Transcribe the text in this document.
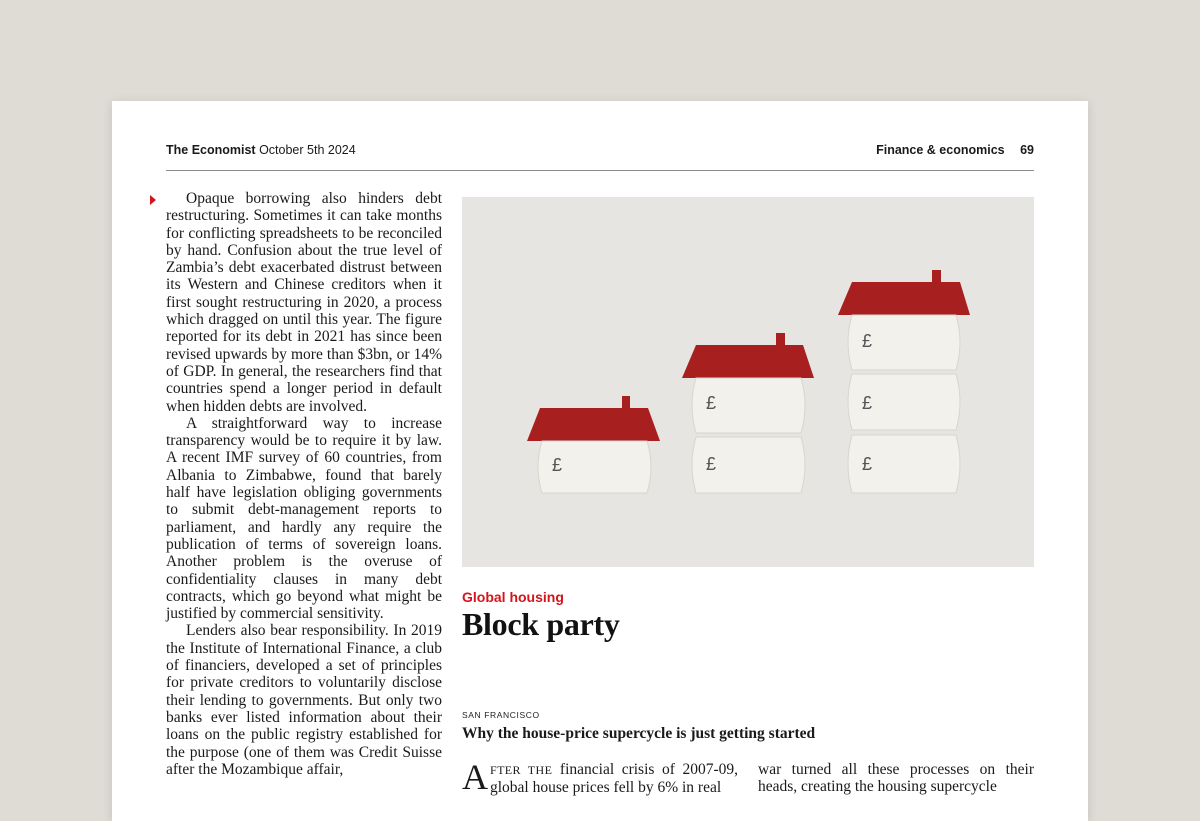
The Economist October 5th 2024	Finance & economics 69

Opaque borrowing also hinders debt restructuring. Sometimes it can take months for conflicting spreadsheets to be reconciled by hand. Confusion about the true level of Zambia’s debt exacerbated distrust between its Western and Chinese creditors when it first sought restructuring in 2020, a process which dragged on until this year. The figure reported for its debt in 2021 has since been revised upwards by more than $3bn, or 14% of GDP. In general, the researchers find that countries spend a longer period in default when hidden debts are involved.

A straightforward way to increase transparency would be to require it by law. A recent IMF survey of 60 countries, from Albania to Zimbabwe, found that barely half have legislation obliging governments to submit debt-management reports to parliament, and hardly any require the publication of terms of sovereign loans. Another problem is the overuse of confidentiality clauses in many debt contracts, which go beyond what might be justified by commercial sensitivity.

Lenders also bear responsibility. In 2019 the Institute of International Finance, a club of financiers, developed a set of principles for private creditors to voluntarily disclose their lending to governments. But only two banks ever listed information about their loans on the public registry established for the purpose (one of them was Credit Suisse after the Mozambique affair,

£
£
£
£
£
£
Global housing
Block party
SAN FRANCISCO
Why the house-price supercycle is just getting started
AFTER THE financial crisis of 2007-09, global house prices fell by 6% in real
war turned all these processes on their heads, creating the housing supercycle
